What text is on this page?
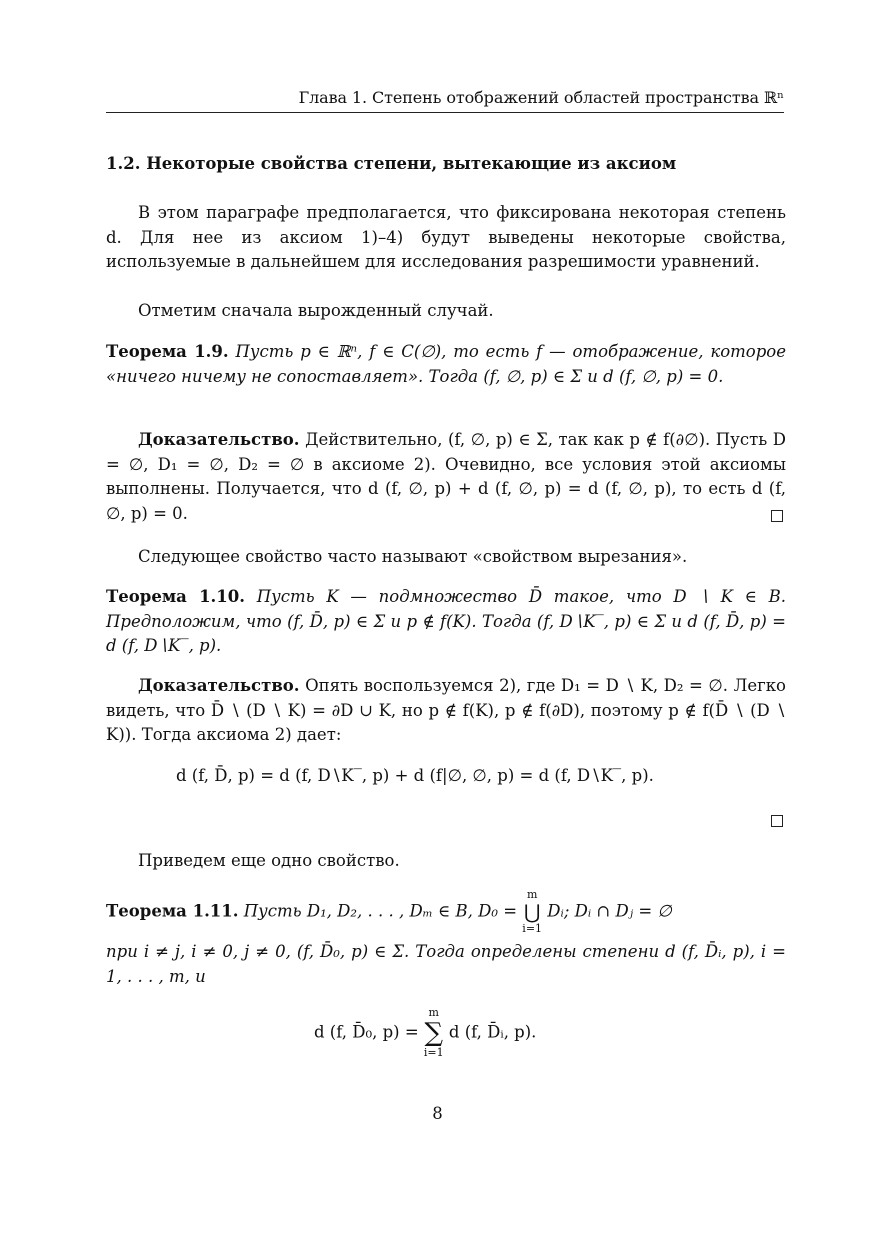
Глава 1. Степень отображений областей пространства ℝⁿ
1.2. Некоторые свойства степени, вытекающие из аксиом
В этом параграфе предполагается, что фиксирована некоторая степень d. Для нее из аксиом 1)–4) будут выведены некоторые свойства, используемые в дальнейшем для исследования разрешимости уравнений.
Отметим сначала вырожденный случай.
Теорема 1.9. Пусть p ∈ ℝⁿ, f ∈ C(∅), то есть f — отображение, которое «ничего ничему не сопоставляет». Тогда (f, ∅, p) ∈ Σ и d (f, ∅, p) = 0.
Доказательство. Действительно, (f, ∅, p) ∈ Σ, так как p ∉ f(∂∅). Пусть D = ∅, D₁ = ∅, D₂ = ∅ в аксиоме 2). Очевидно, все условия этой аксиомы выполнены. Получается, что d (f, ∅, p) + d (f, ∅, p) = d (f, ∅, p), то есть d (f, ∅, p) = 0.
Следующее свойство часто называют «свойством вырезания».
Теорема 1.10. Пусть K — подмножество D̄ такое, что D ∖ K ∈ B. Предположим, что (f, D̄, p) ∈ Σ и p ∉ f(K). Тогда (f, D∖K‾, p) ∈ Σ и d (f, D̄, p) = d (f, D∖K‾, p).
Доказательство. Опять воспользуемся 2), где D₁ = D ∖ K, D₂ = ∅. Легко видеть, что D̄ ∖ (D ∖ K) = ∂D ∪ K, но p ∉ f(K), p ∉ f(∂D), поэтому p ∉ f(D̄ ∖ (D ∖ K)). Тогда аксиома 2) дает:
d (f, D̄, p) = d (f, D∖K‾, p) + d (f|∅, ∅, p) = d (f, D∖K‾, p).
Приведем еще одно свойство.
Теорема 1.11. Пусть D₁, D₂, . . . , Dₘ ∈ B, D₀ =
m
⋃
i=1
Dᵢ; Dᵢ ∩ Dⱼ = ∅
при i ≠ j, i ≠ 0, j ≠ 0, (f, D̄₀, p) ∈ Σ. Тогда определены степени d (f, D̄ᵢ, p), i = 1, . . . , m, и
d (f, D̄₀, p) =
m
∑
i=1
d (f, D̄ᵢ, p).
8
